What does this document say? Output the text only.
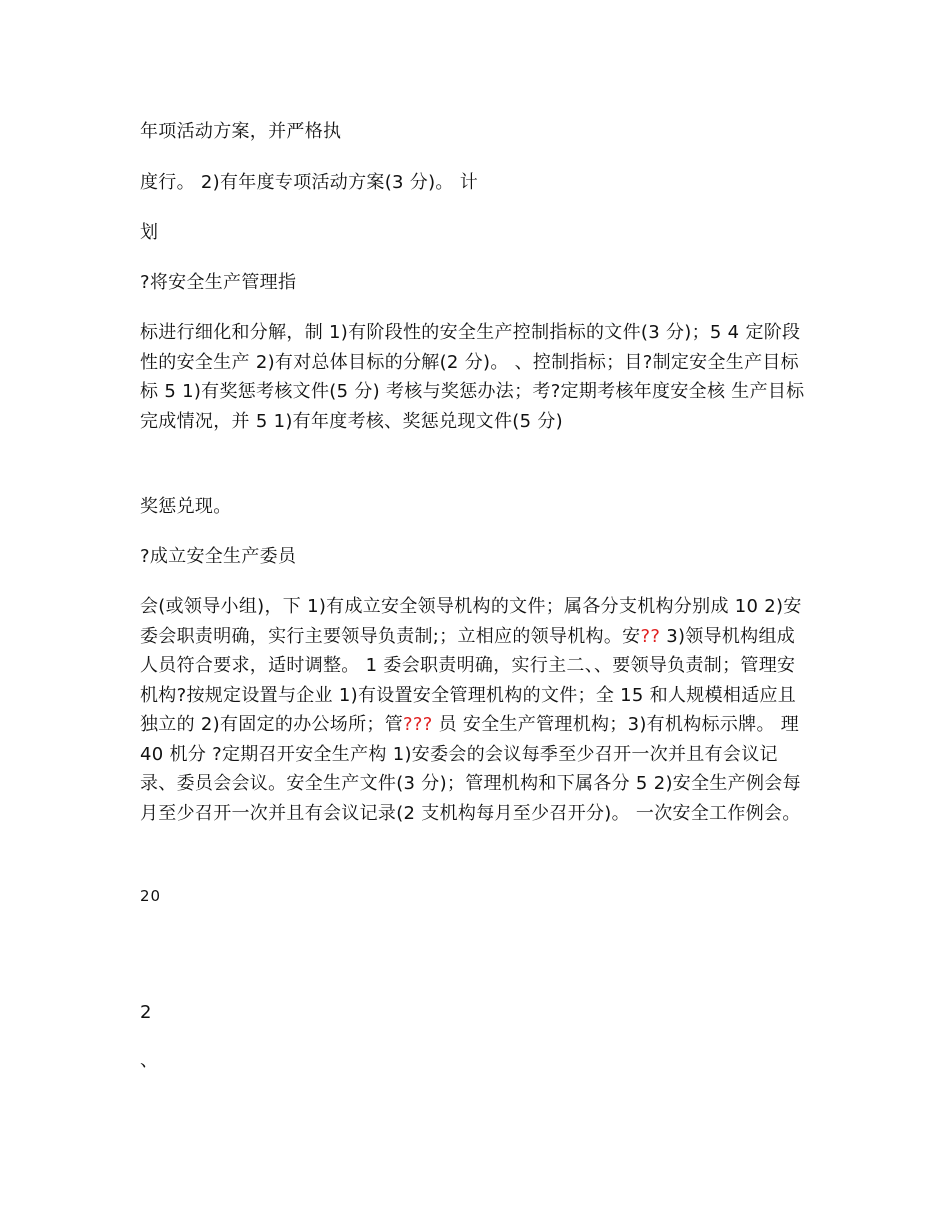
年项活动方案，并严格执

度行。 2)有年度专项活动方案(3 分)。 计

划

?将安全生产管理指

标进行细化和分解，制 1)有阶段性的安全生产控制指标的文件(3 分)；5 4 定阶段性的安全生产 2)有对总体目标的分解(2 分)。 、控制指标；目?制定安全生产目标标 5 1)有奖惩考核文件(5 分) 考核与奖惩办法；考?定期考核年度安全核 生产目标完成情况，并 5 1)有年度考核、奖惩兑现文件(5 分)

奖惩兑现。

?成立安全生产委员

会(或领导小组)，下 1)有成立安全领导机构的文件；属各分支机构分别成 10 2)安委会职责明确，实行主要领导负责制;；立相应的领导机构。安?? 3)领导机构组成人员符合要求，适时调整。 1 委会职责明确，实行主二、、要领导负责制；管理安机构?按规定设置与企业 1)有设置安全管理机构的文件；全 15 和人规模相适应且独立的 2)有固定的办公场所；管??? 员 安全生产管理机构；3)有机构标示牌。 理 40 机分 ?定期召开安全生产构 1)安委会的会议每季至少召开一次并且有会议记录、委员会会议。安全生产文件(3 分)；管理机构和下属各分 5 2)安全生产例会每月至少召开一次并且有会议记录(2 支机构每月至少召开分)。 一次安全工作例会。

20

2

、
